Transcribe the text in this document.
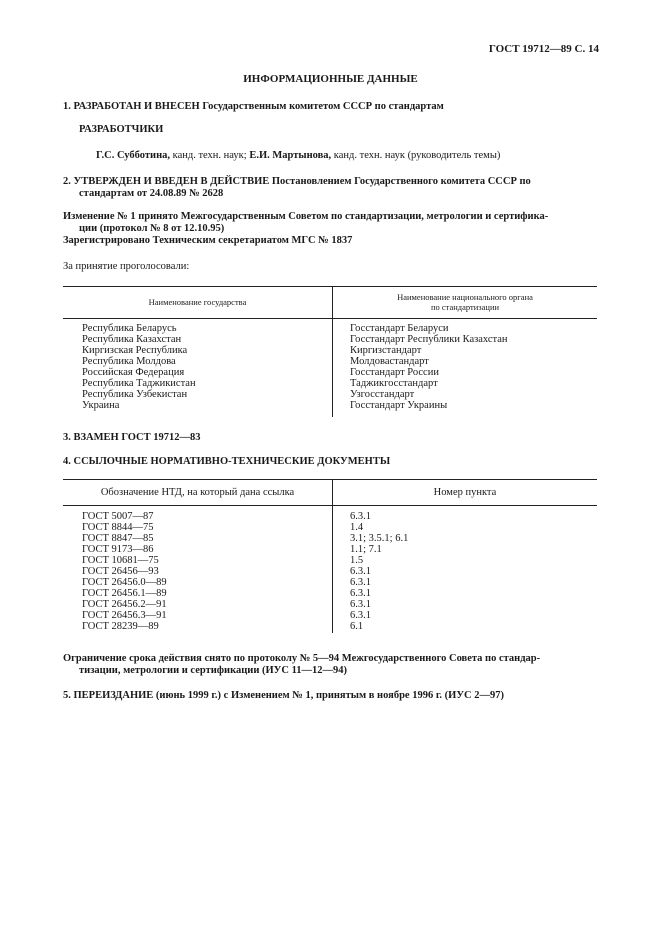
ГОСТ 19712—89 С. 14
ИНФОРМАЦИОННЫЕ ДАННЫЕ
1. РАЗРАБОТАН И ВНЕСЕН Государственным комитетом СССР по стандартам
РАЗРАБОТЧИКИ
Г.С. Субботина, канд. техн. наук; Е.И. Мартынова, канд. техн. наук (руководитель темы)
2. УТВЕРЖДЕН И ВВЕДЕН В ДЕЙСТВИЕ Постановлением Государственного комитета СССР по
стандартам от 24.08.89 № 2628
Изменение № 1 принято Межгосударственным Советом по стандартизации, метрологии и сертифика-
ции (протокол № 8 от 12.10.95)
Зарегистрировано Техническим секретариатом МГС № 1837
За принятие проголосовали:
Наименование государства	Наименование национального органа
по стандартизации
Республика Беларусь
Республика Казахстан
Киргизская Республика
Республика Молдова
Российская Федерация
Республика Таджикистан
Республика Узбекистан
Украина
Госстандарт Беларуси
Госстандарт Республики Казахстан
Киргизстандарт
Молдовастандарт
Госстандарт России
Таджикгосстандарт
Узгосстандарт
Госстандарт Украины
3. ВЗАМЕН ГОСТ 19712—83
4. ССЫЛОЧНЫЕ НОРМАТИВНО-ТЕХНИЧЕСКИЕ ДОКУМЕНТЫ
Обозначение НТД, на который дана ссылка	Номер пункта
ГОСТ 5007—87
ГОСТ 8844—75
ГОСТ 8847—85
ГОСТ 9173—86
ГОСТ 10681—75
ГОСТ 26456—93
ГОСТ 26456.0—89
ГОСТ 26456.1—89
ГОСТ 26456.2—91
ГОСТ 26456.3—91
ГОСТ 28239—89
6.3.1
1.4
3.1; 3.5.1; 6.1
1.1; 7.1
1.5
6.3.1
6.3.1
6.3.1
6.3.1
6.3.1
6.1
Ограничение срока действия снято по протоколу № 5—94 Межгосударственного Совета по стандар-
тизации, метрологии и сертификации (ИУС 11—12—94)
5. ПЕРЕИЗДАНИЕ (июнь 1999 г.) с Изменением № 1, принятым в ноябре 1996 г. (ИУС 2—97)
